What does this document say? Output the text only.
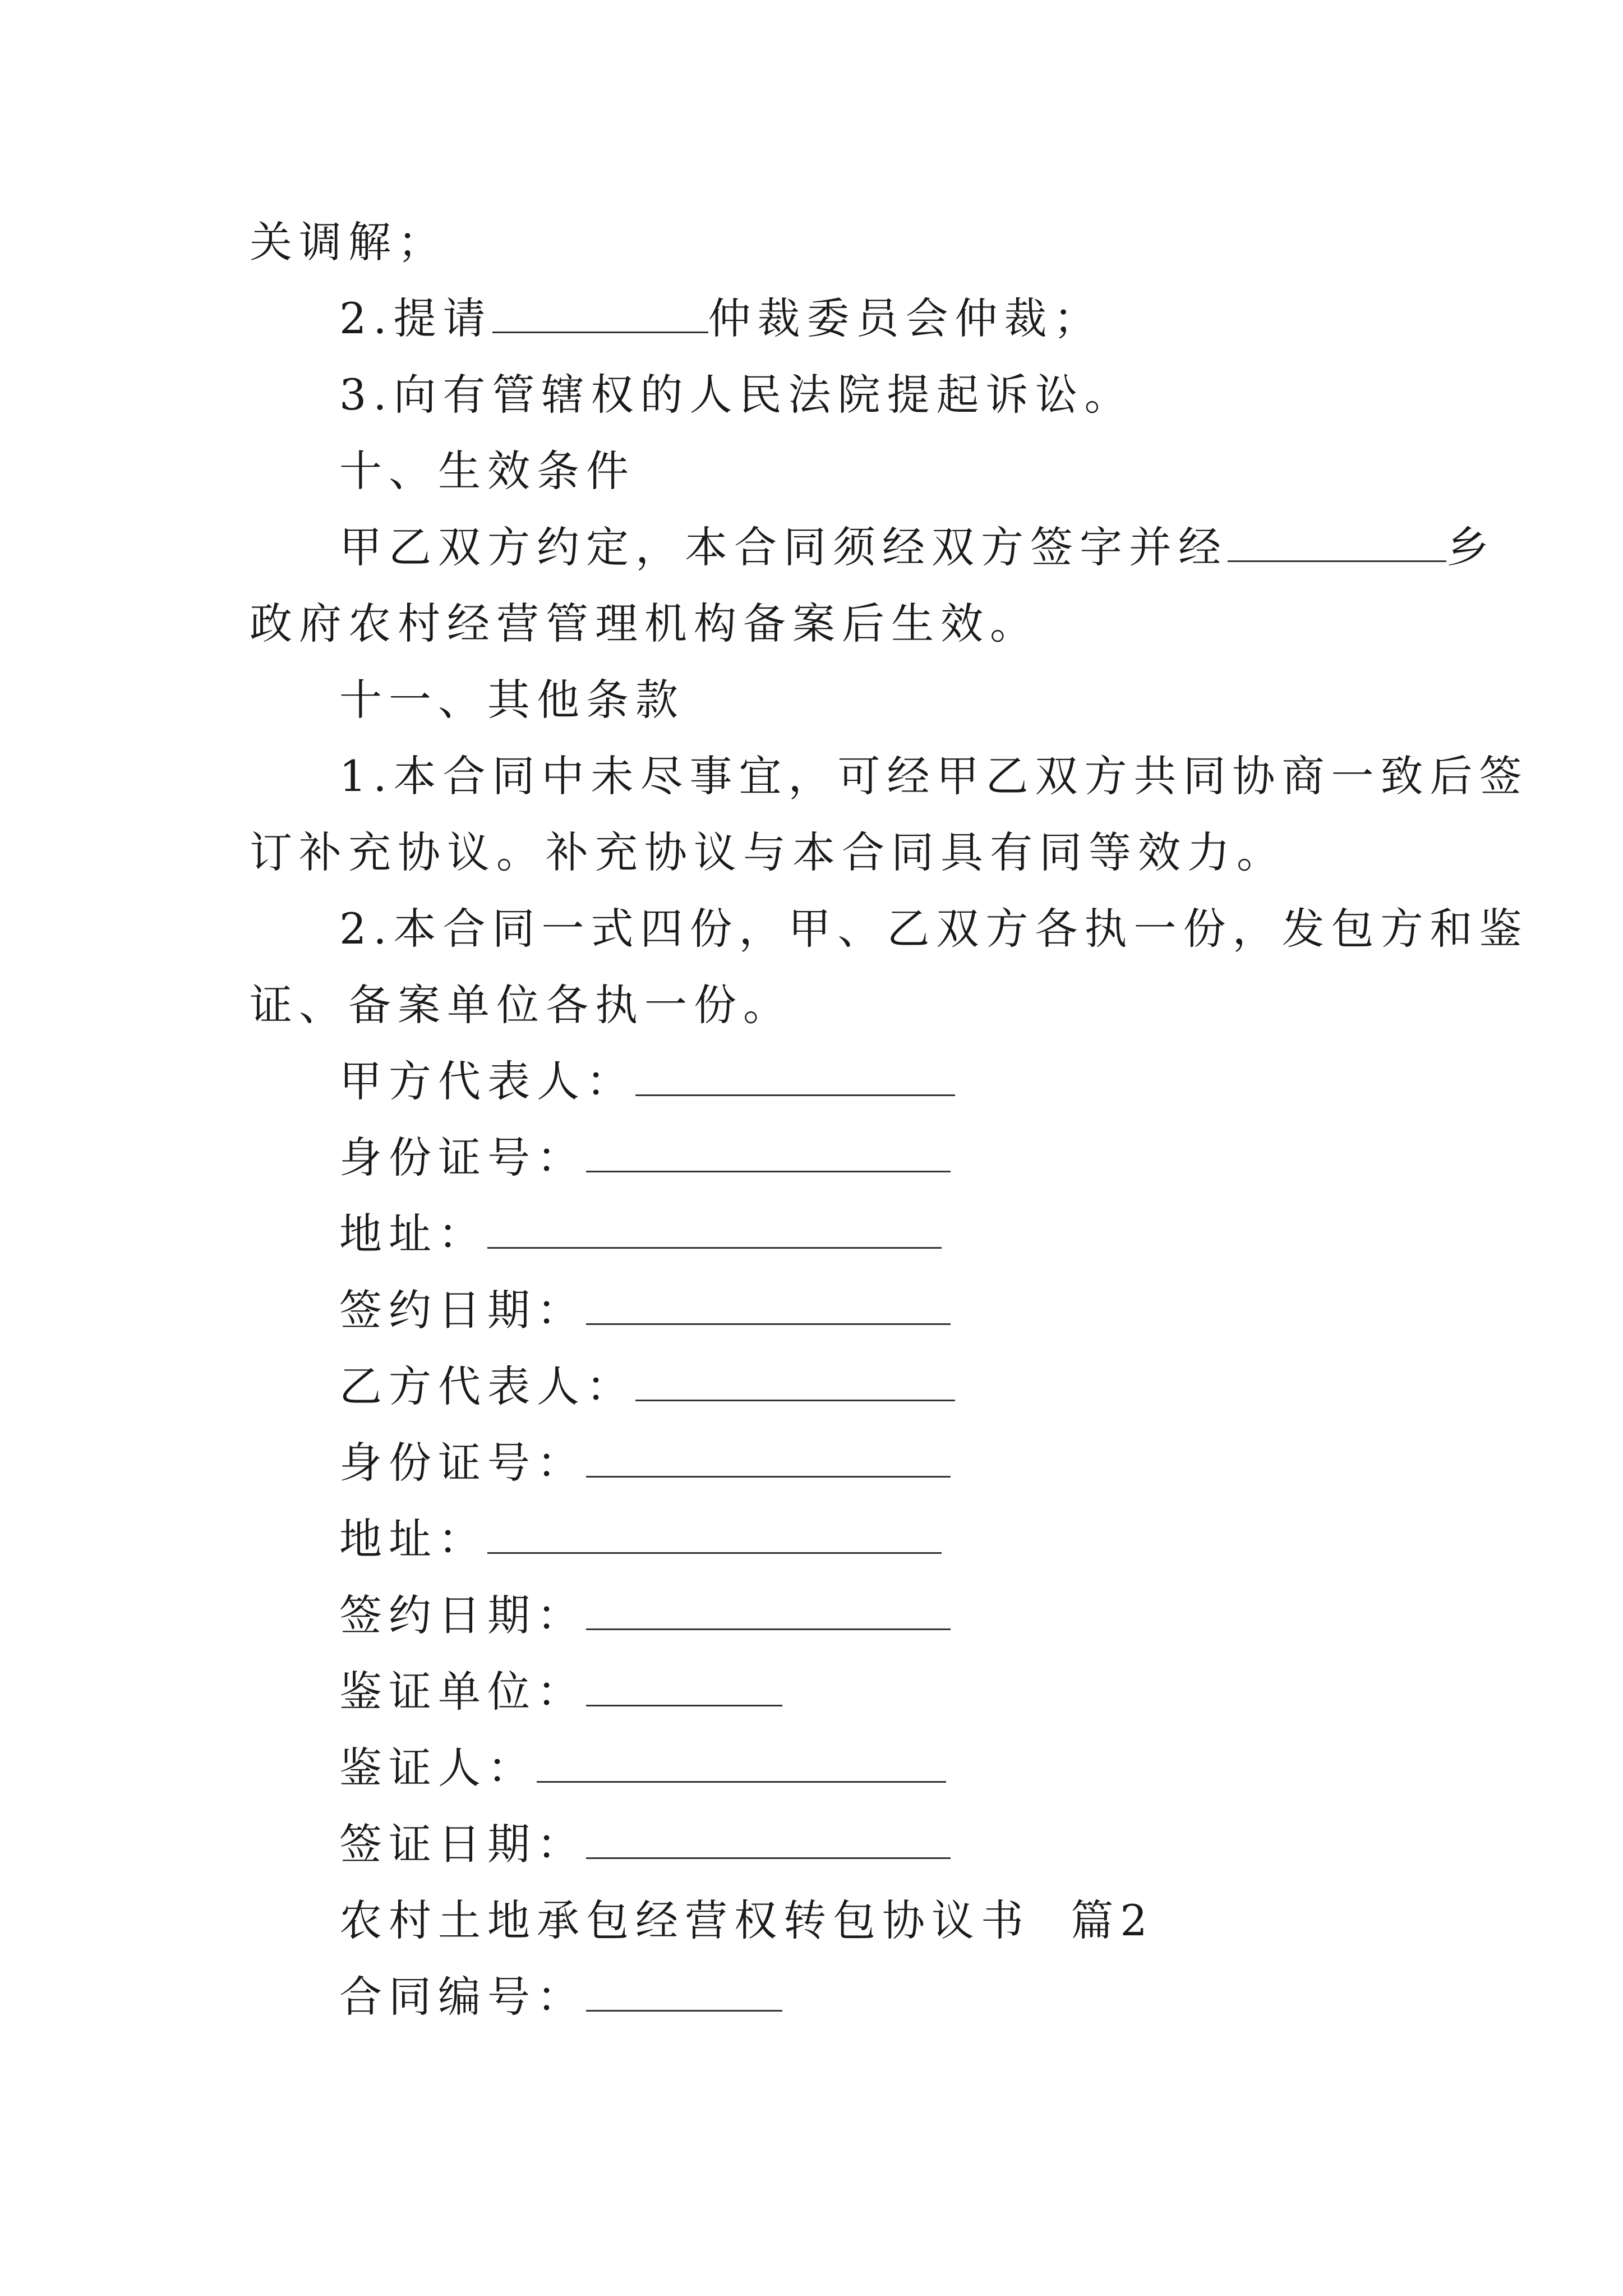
关调解；
2.提请	仲裁委员会仲裁；
3.向有管辖权的人民法院提起诉讼。
十、生效条件
甲乙双方约定，本合同须经双方签字并经	乡
政府农村经营管理机构备案后生效。
十一、其他条款
1.本合同中未尽事宜，可经甲乙双方共同协商一致后签
订补充协议。补充协议与本合同具有同等效力。
2.本合同一式四份，甲、乙双方各执一份，发包方和鉴
证、备案单位各执一份。
甲方代表人：
身份证号：
地址：
签约日期：
乙方代表人：
身份证号：
地址：
签约日期：
鉴证单位：
鉴证人：
签证日期：
农村土地承包经营权转包协议书  篇2
合同编号：
